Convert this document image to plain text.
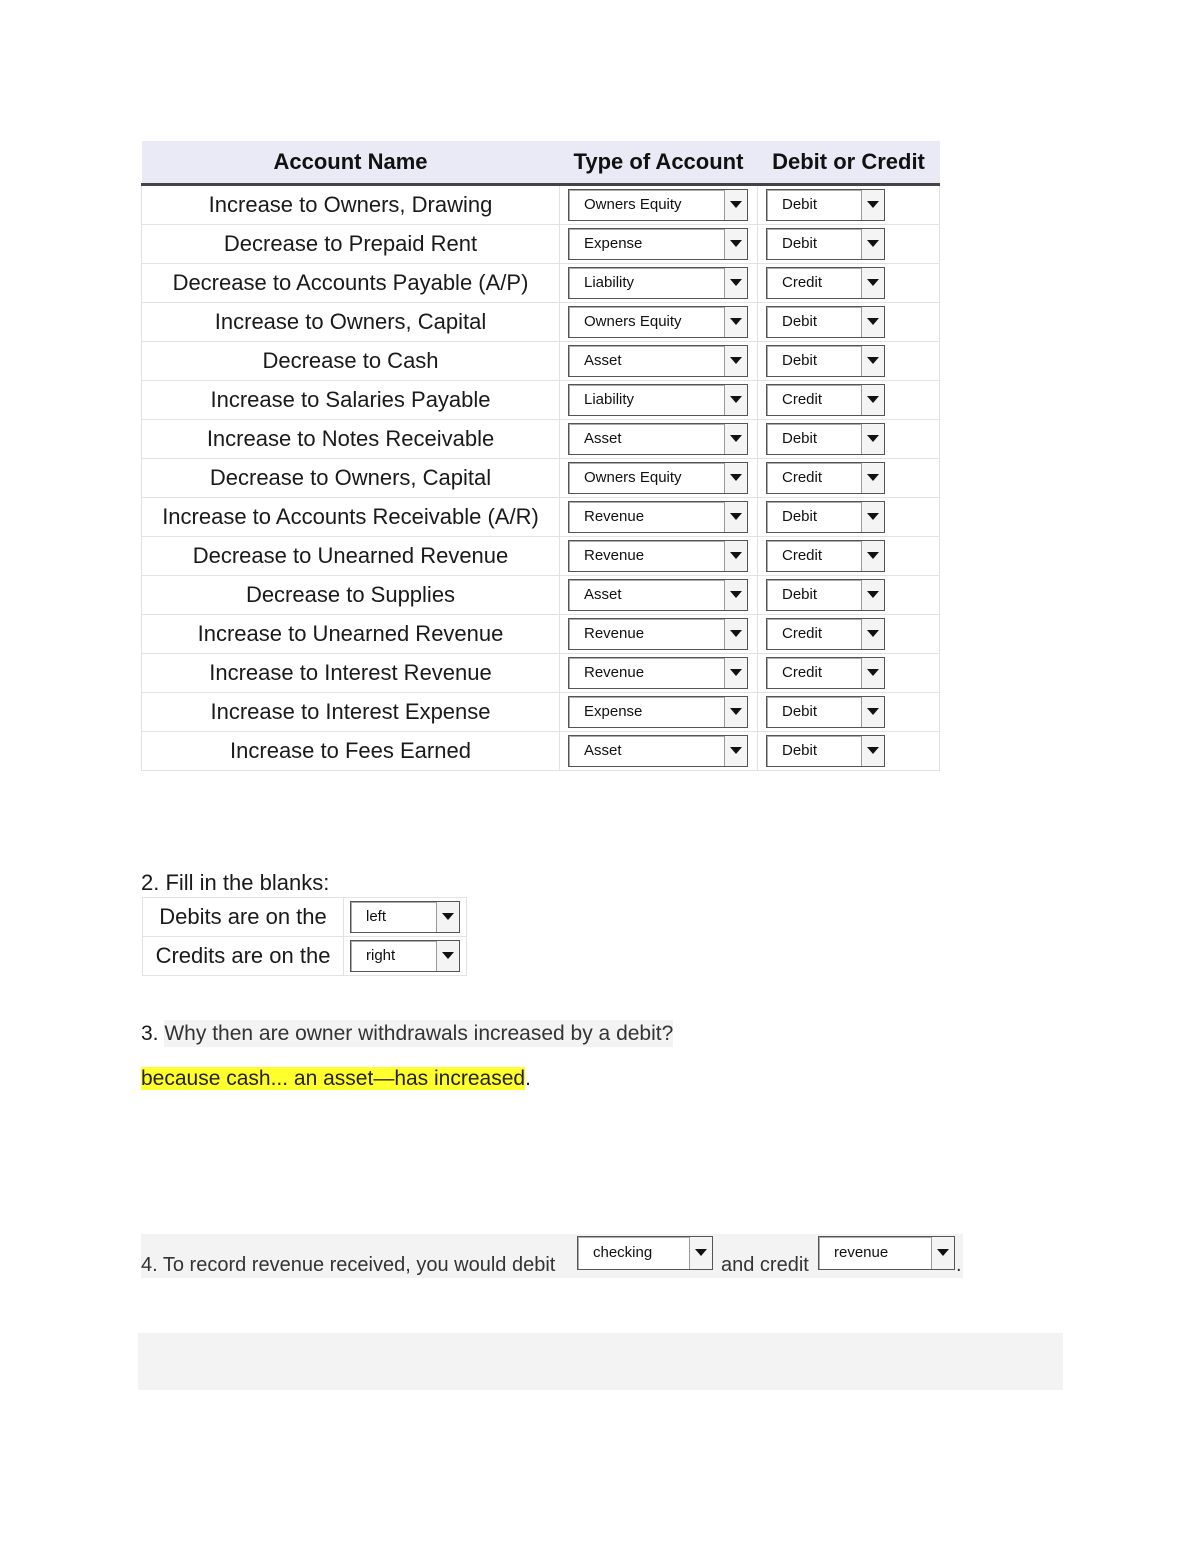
Account Name	Type of Account	Debit or Credit
Increase to Owners, Drawing	Owners Equity	Debit

Decrease to Prepaid Rent	Expense	Debit

Decrease to Accounts Payable (A/P)	Liability	Credit

Increase to Owners, Capital	Owners Equity	Debit

Decrease to Cash	Asset	Debit

Increase to Salaries Payable	Liability	Credit

Increase to Notes Receivable	Asset	Debit

Decrease to Owners, Capital	Owners Equity	Credit

Increase to Accounts Receivable (A/R)	Revenue	Debit

Decrease to Unearned Revenue	Revenue	Credit

Decrease to Supplies	Asset	Debit

Increase to Unearned Revenue	Revenue	Credit

Increase to Interest Revenue	Revenue	Credit

Increase to Interest Expense	Expense	Debit

Increase to Fees Earned	Asset	Debit
2. Fill in the blanks:
Debits are on the	left

Credits are on the	right
3. Why then are owner withdrawals increased by a debit?
because cash... an asset—has increased.
4. To record revenue received, you would debit
checking
and credit
revenue
.
